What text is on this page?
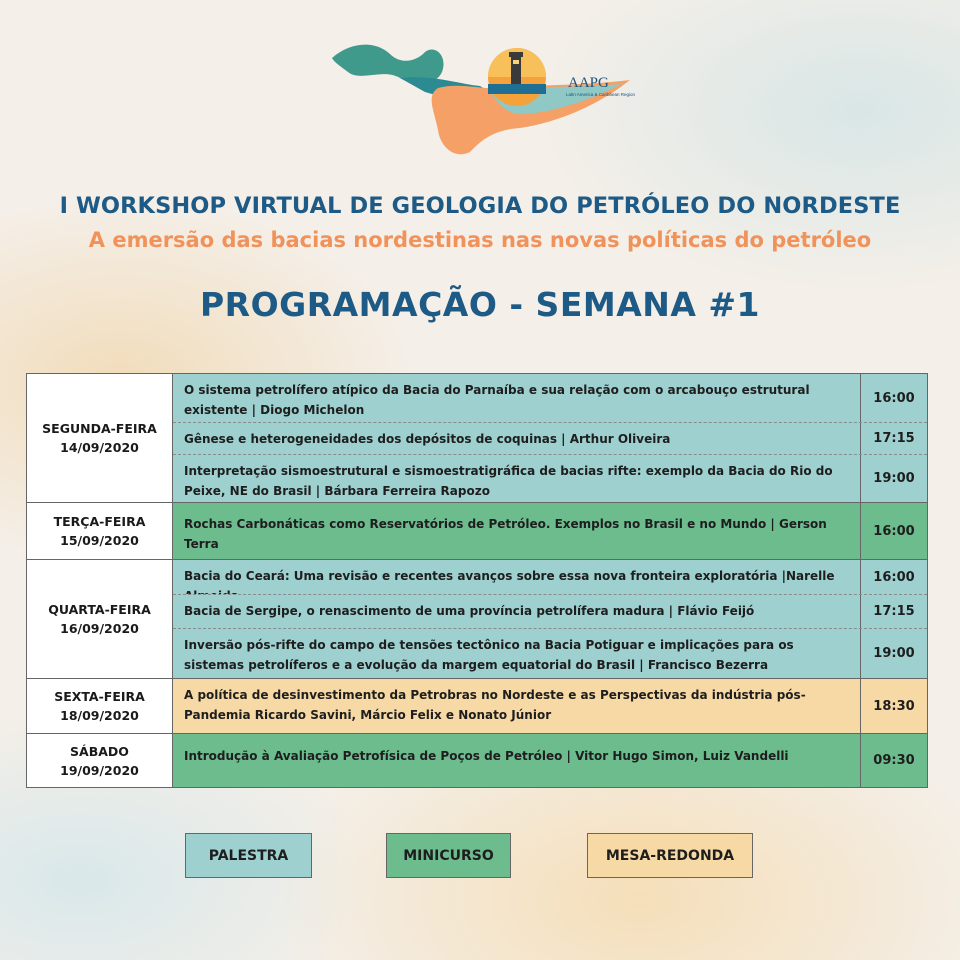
AAPG
Latin America & Caribbean Region
I WORKSHOP VIRTUAL DE GEOLOGIA DO PETRÓLEO DO NORDESTE
A emersão das bacias nordestinas nas novas políticas do petróleo
PROGRAMAÇÃO - SEMANA #1
SEGUNDA-FEIRA
14/09/2020
O sistema petrolífero atípico da Bacia do Parnaíba e sua relação com o arcabouço estrutural existente | Diogo Michelon
16:00
Gênese e heterogeneidades dos depósitos de coquinas | Arthur Oliveira	17:15
Interpretação sismoestrutural e sismoestratigráfica de bacias rifte: exemplo da Bacia do Rio do Peixe, NE do Brasil | Bárbara Ferreira Rapozo
19:00
TERÇA-FEIRA
15/09/2020
Rochas Carbonáticas como Reservatórios de Petróleo. Exemplos no Brasil e no Mundo | Gerson Terra
16:00
QUARTA-FEIRA
16/09/2020
Bacia do Ceará: Uma revisão e recentes avanços sobre essa nova fronteira exploratória |Narelle	16:00
Bacia de Sergipe, o renascimento de uma província petrolífera madura | Flávio Feijó	17:15
Inversão pós-rifte do campo de tensões tectônico na Bacia Potiguar e implicações para os sistemas petrolíferos e a evolução da margem equatorial do Brasil | Francisco Bezerra
19:00
SEXTA-FEIRA
18/09/2020
A política de desinvestimento da Petrobras no Nordeste e as Perspectivas da indústria pós-Pandemia Ricardo Savini, Márcio Felix e Nonato Júnior
18:30
SÁBADO
19/09/2020
Introdução à Avaliação Petrofísica de Poços de Petróleo | Vitor Hugo Simon, Luiz Vandelli	09:30
PALESTRA	MINICURSO	MESA-REDONDA
